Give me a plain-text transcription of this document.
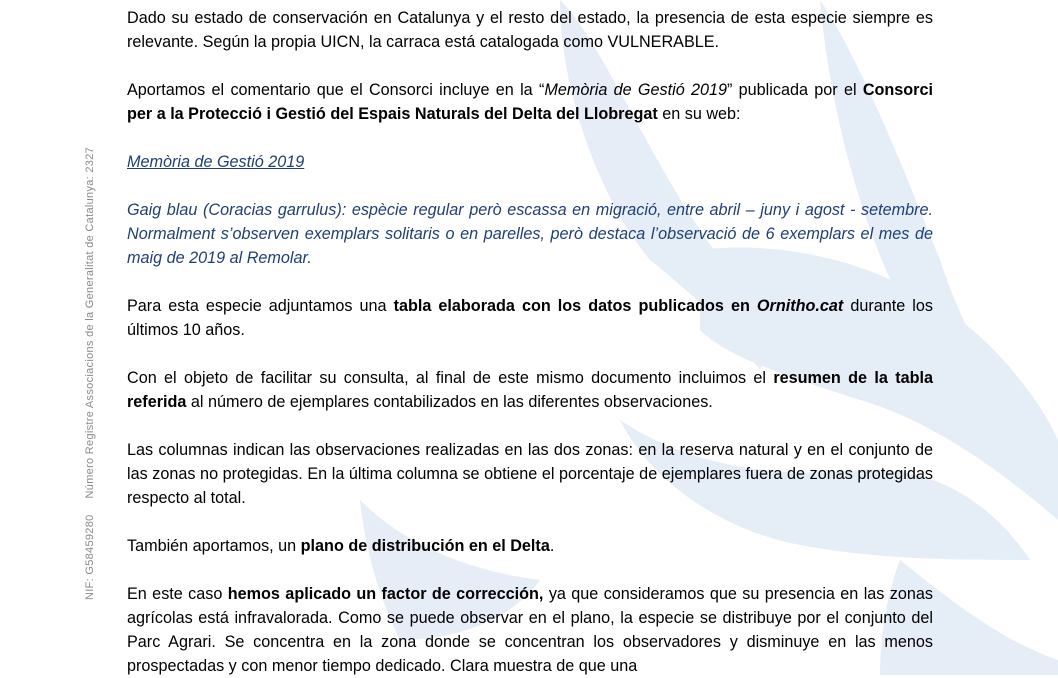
NIF: G58459280Número Registre Associacions de la Generalitat de Catalunya: 2327

Dado su estado de conservación en Catalunya y el resto del estado, la presencia de esta especie siempre es relevante. Según la propia UICN, la carraca está catalogada como VULNERABLE.

Aportamos el comentario que el Consorci incluye en la “Memòria de Gestió 2019” publicada por el Consorci per a la Protecció i Gestió del Espais Naturals del Delta del Llobregat en su web:

Memòria de Gestió 2019

Gaig blau (Coracias garrulus): espècie regular però escassa en migració, entre abril – juny i agost - setembre. Normalment s’observen exemplars solitaris o en parelles, però destaca l’observació de 6 exemplars el mes de maig de 2019 al Remolar.

Para esta especie adjuntamos una tabla elaborada con los datos publicados en Ornitho.cat durante los últimos 10 años.

Con el objeto de facilitar su consulta, al final de este mismo documento incluimos el resumen de la tabla referida al número de ejemplares contabilizados en las diferentes observaciones.

Las columnas indican las observaciones realizadas en las dos zonas: en la reserva natural y en el conjunto de las zonas no protegidas. En la última columna se obtiene el porcentaje de ejemplares fuera de zonas protegidas respecto al total.

También aportamos, un plano de distribución en el Delta.

En este caso hemos aplicado un factor de corrección, ya que consideramos que su presencia en las zonas agrícolas está infravalorada. Como se puede observar en el plano, la especie se distribuye por el conjunto del Parc Agrari. Se concentra en la zona donde se concentran los observadores y disminuye en las menos prospectadas y con menor tiempo dedicado. Clara muestra de que una
